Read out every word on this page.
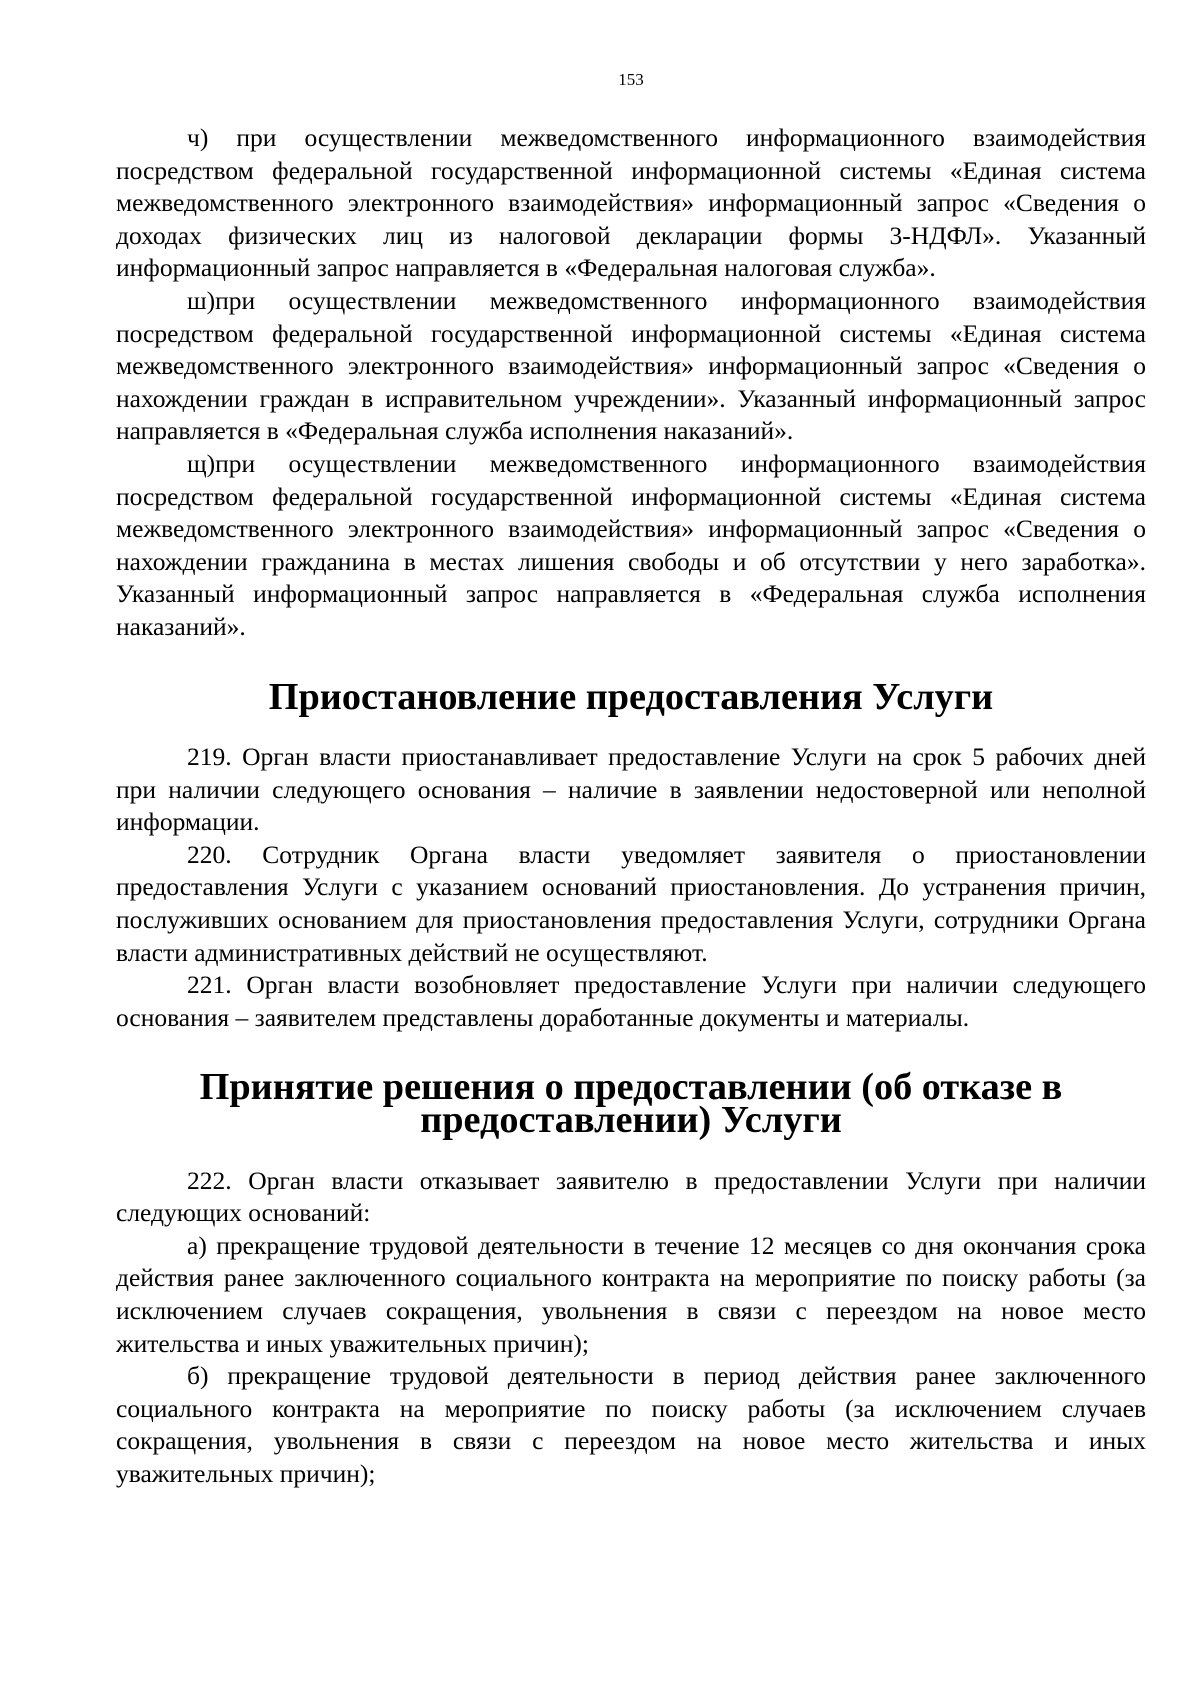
153

ч) при осуществлении межведомственного информационного взаимодействия посредством федеральной государственной информационной системы «Единая система межведомственного электронного взаимодействия» информационный запрос «Сведения о доходах физических лиц из налоговой декларации формы 3-НДФЛ». Указанный информационный запрос направляется в «Федеральная налоговая служба».

ш)при осуществлении межведомственного информационного взаимодействия посредством федеральной государственной информационной системы «Единая система межведомственного электронного взаимодействия» информационный запрос «Сведения о нахождении граждан в исправительном учреждении». Указанный информационный запрос направляется в «Федеральная служба исполнения наказаний».

щ)при осуществлении межведомственного информационного взаимодействия посредством федеральной государственной информационной системы «Единая система межведомственного электронного взаимодействия» информационный запрос «Сведения о нахождении гражданина в местах лишения свободы и об отсутствии у него заработка». Указанный информационный запрос направляется в «Федеральная служба исполнения наказаний».

Приостановление предоставления Услуги

219. Орган власти приостанавливает предоставление Услуги на срок 5 рабочих дней при наличии следующего основания – наличие в заявлении недостоверной или неполной информации.

220. Сотрудник Органа власти уведомляет заявителя о приостановлении предоставления Услуги с указанием оснований приостановления. До устранения причин, послуживших основанием для приостановления предоставления Услуги, сотрудники Органа власти административных действий не осуществляют.

221. Орган власти возобновляет предоставление Услуги при наличии следующего основания – заявителем представлены доработанные документы и материалы.

Принятие решения о предоставлении (об отказе в предоставлении) Услуги

222. Орган власти отказывает заявителю в предоставлении Услуги при наличии следующих оснований:

а) прекращение трудовой деятельности в течение 12 месяцев со дня окончания срока действия ранее заключенного социального контракта на мероприятие по поиску работы (за исключением случаев сокращения, увольнения в связи с переездом на новое место жительства и иных уважительных причин);

б) прекращение трудовой деятельности в период действия ранее заключенного социального контракта на мероприятие по поиску работы (за исключением случаев сокращения, увольнения в связи с переездом на новое место жительства и иных уважительных причин);
